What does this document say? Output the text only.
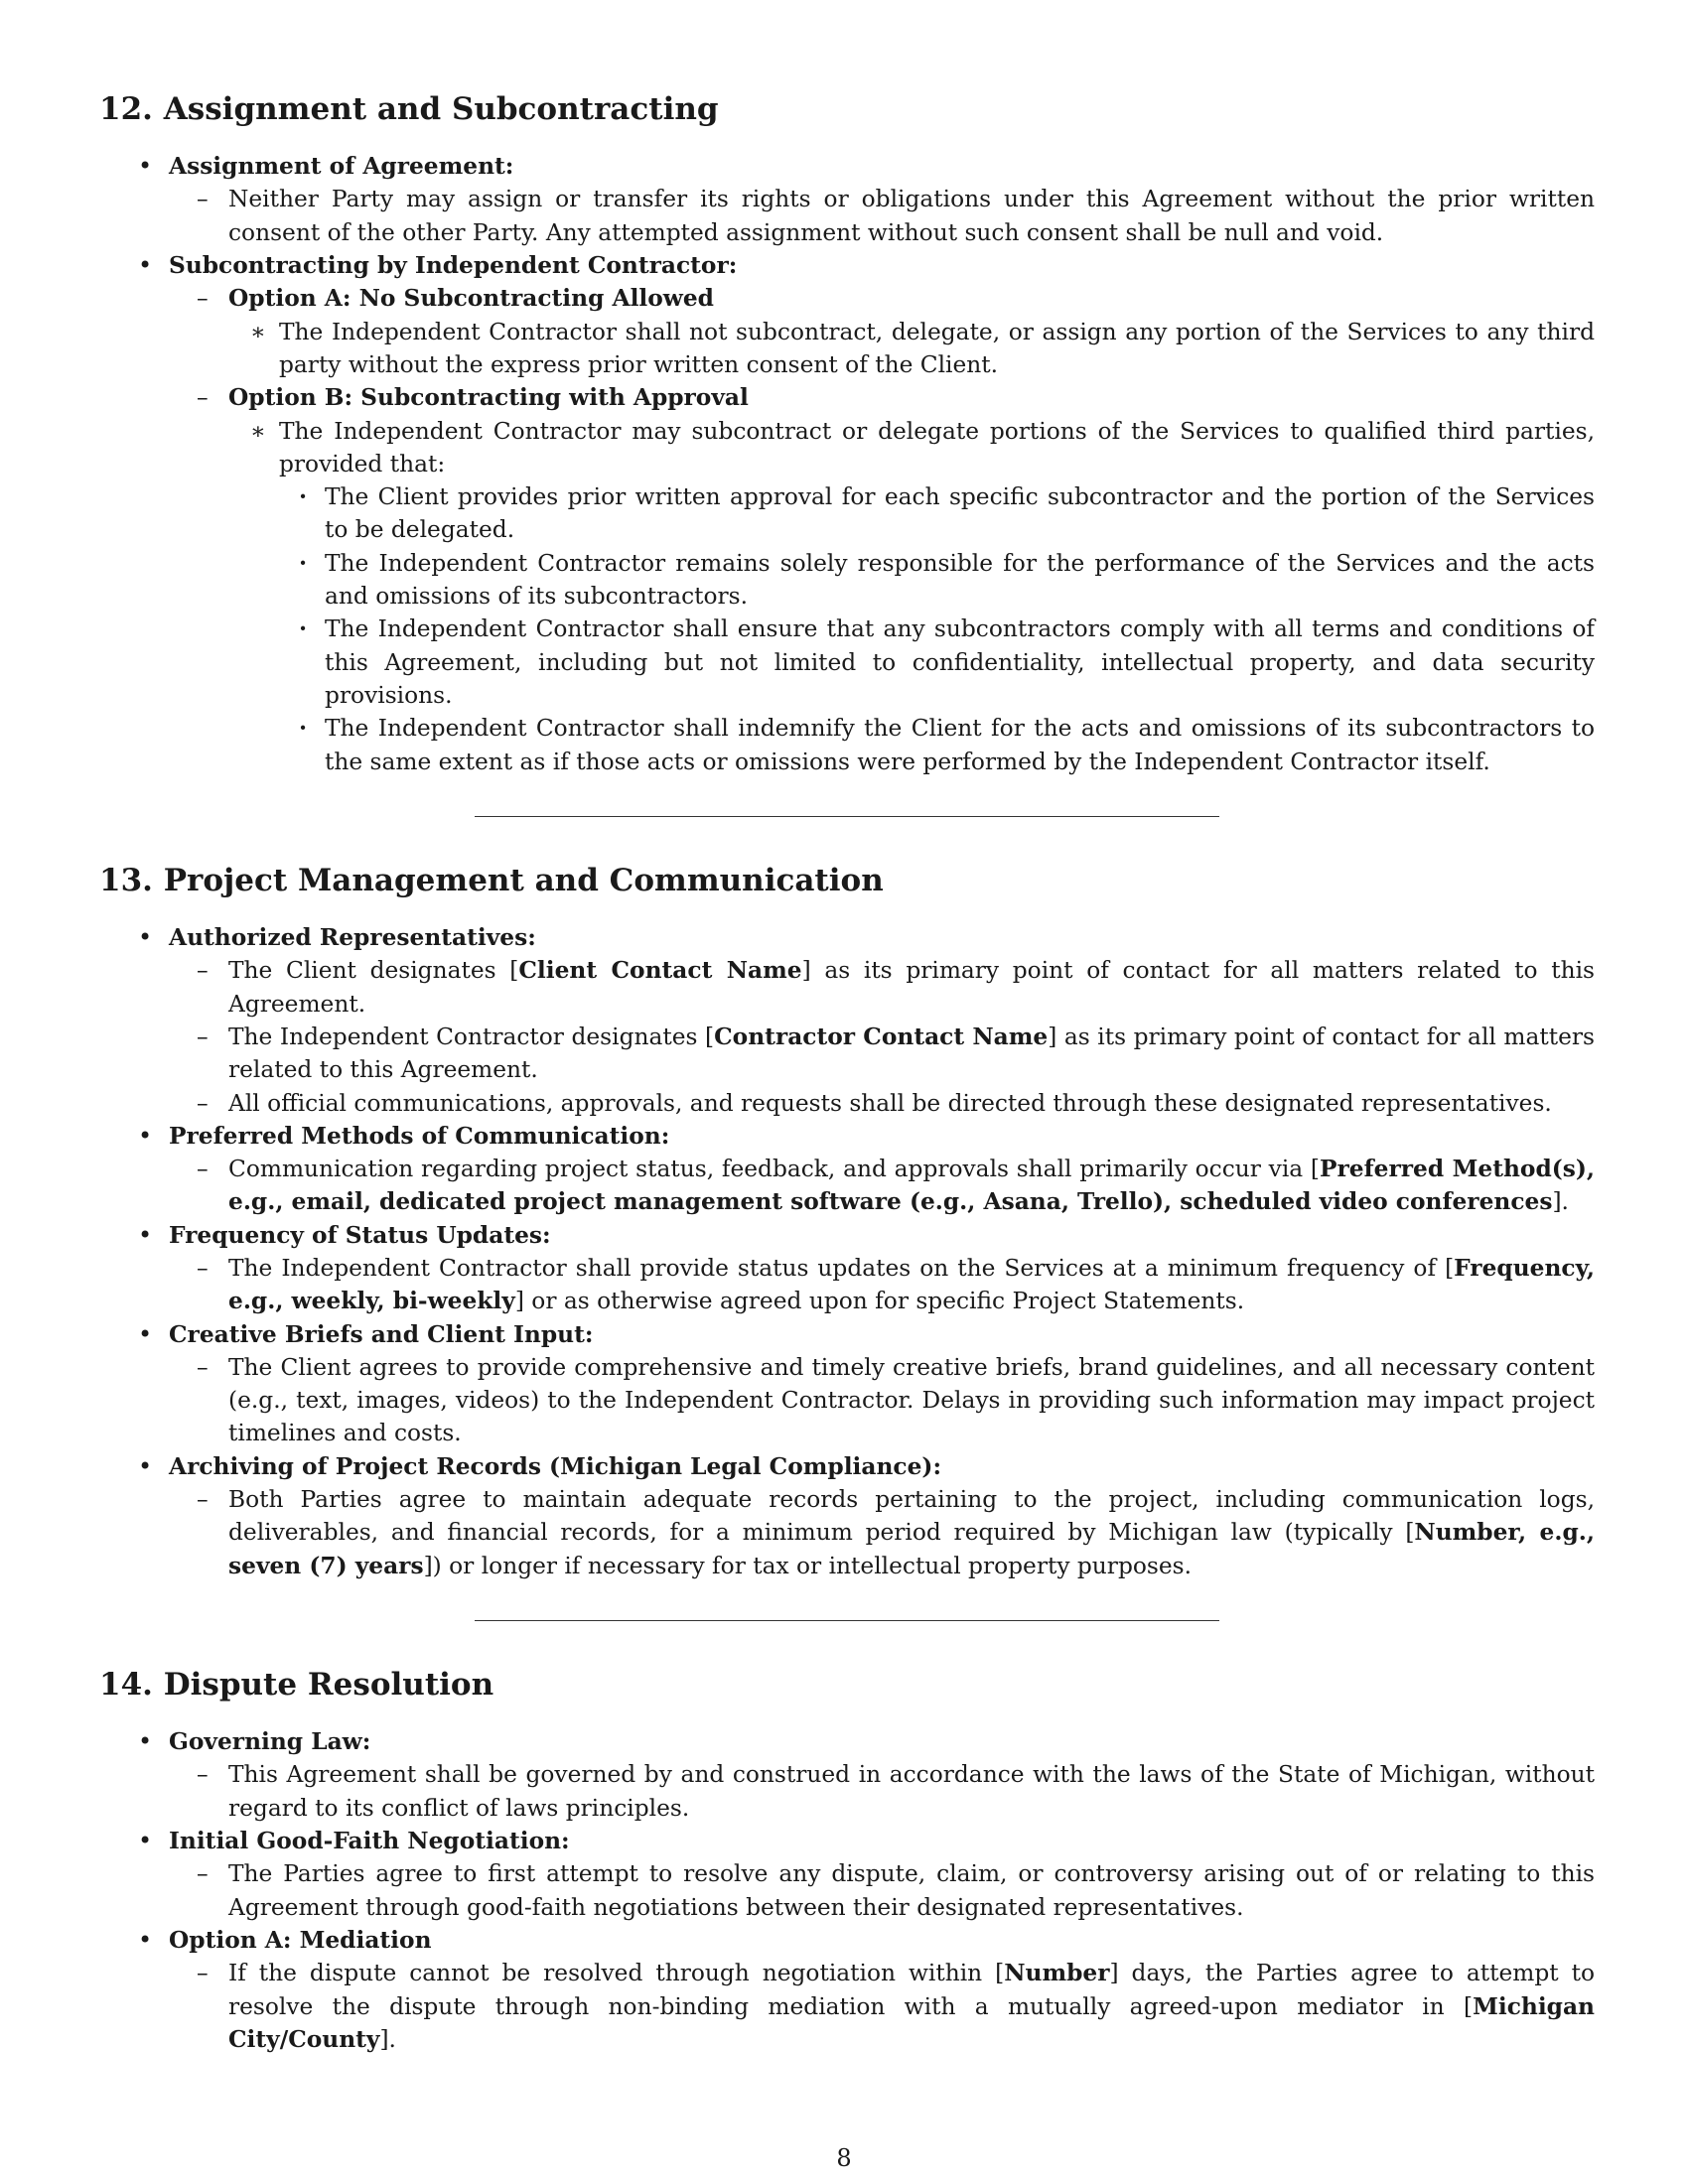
12. Assignment and Subcontracting
• Assignment of Agreement:
– Neither Party may assign or transfer its rights or obligations under this Agreement without the prior written consent of the other Party. Any attempted assignment without such consent shall be null and void.
• Subcontracting by Independent Contractor:
– Option A: No Subcontracting Allowed
∗ The Independent Contractor shall not subcontract, delegate, or assign any portion of the Services to any third party without the express prior written consent of the Client.
– Option B: Subcontracting with Approval
∗ The Independent Contractor may subcontract or delegate portions of the Services to qualified third parties, provided that:
· The Client provides prior written approval for each specific subcontractor and the portion of the Services to be delegated.
· The Independent Contractor remains solely responsible for the performance of the Services and the acts and omissions of its subcontractors.
· The Independent Contractor shall ensure that any subcontractors comply with all terms and conditions of this Agreement, including but not limited to confidentiality, intellectual property, and data security provisions.
· The Independent Contractor shall indemnify the Client for the acts and omissions of its subcontractors to the same extent as if those acts or omissions were performed by the Independent Contractor itself.
13. Project Management and Communication
• Authorized Representatives:
– The Client designates [Client Contact Name] as its primary point of contact for all matters related to this Agreement.
– The Independent Contractor designates [Contractor Contact Name] as its primary point of contact for all matters related to this Agreement.
– All official communications, approvals, and requests shall be directed through these designated representatives.
• Preferred Methods of Communication:
– Communication regarding project status, feedback, and approvals shall primarily occur via [Preferred Method(s), e.g., email, dedicated project management software (e.g., Asana, Trello), scheduled video conferences].
• Frequency of Status Updates:
– The Independent Contractor shall provide status updates on the Services at a minimum frequency of [Frequency, e.g., weekly, bi-weekly] or as otherwise agreed upon for specific Project Statements.
• Creative Briefs and Client Input:
– The Client agrees to provide comprehensive and timely creative briefs, brand guidelines, and all necessary content (e.g., text, images, videos) to the Independent Contractor. Delays in providing such information may impact project timelines and costs.
• Archiving of Project Records (Michigan Legal Compliance):
– Both Parties agree to maintain adequate records pertaining to the project, including communication logs, deliverables, and financial records, for a minimum period required by Michigan law (typically [Number, e.g., seven (7) years]) or longer if necessary for tax or intellectual property purposes.
14. Dispute Resolution
• Governing Law:
– This Agreement shall be governed by and construed in accordance with the laws of the State of Michigan, without regard to its conflict of laws principles.
• Initial Good-Faith Negotiation:
– The Parties agree to first attempt to resolve any dispute, claim, or controversy arising out of or relating to this Agreement through good-faith negotiations between their designated representatives.
• Option A: Mediation
– If the dispute cannot be resolved through negotiation within [Number] days, the Parties agree to attempt to resolve the dispute through non-binding mediation with a mutually agreed-upon mediator in [Michigan City/County].
8
